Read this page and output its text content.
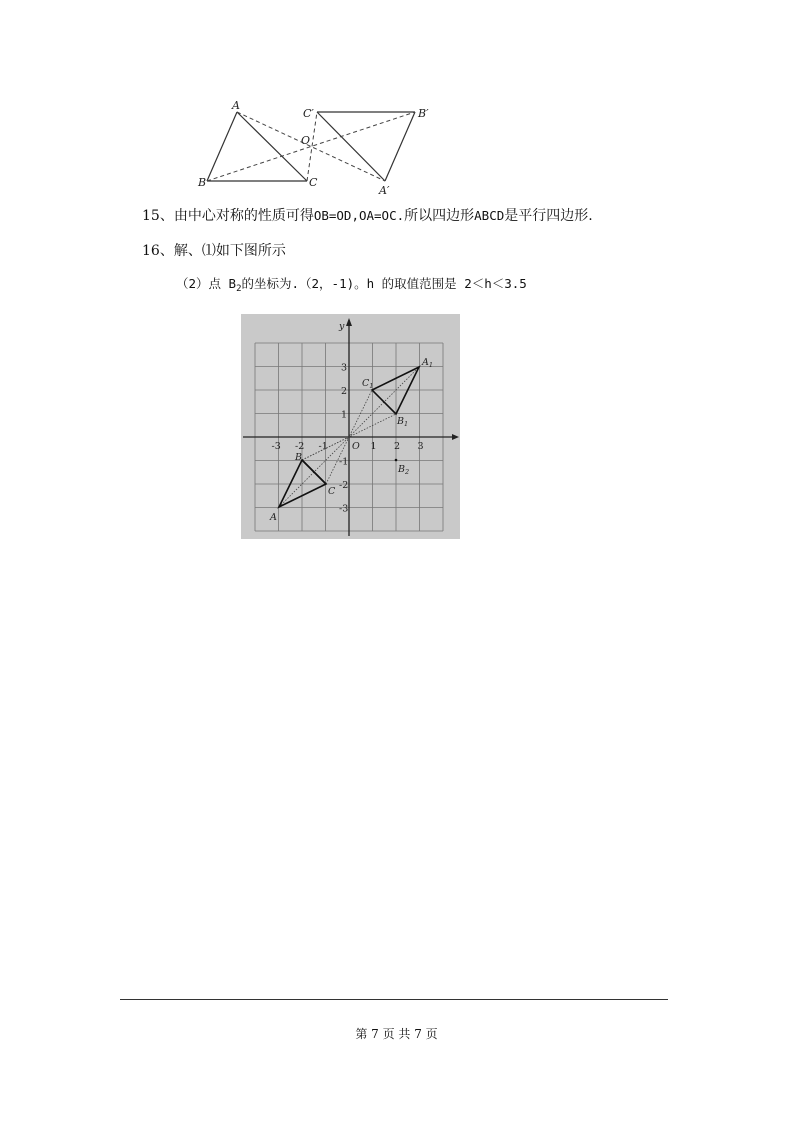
A
B	C
O
C′	B′
A′
15、由中心对称的性质可得OB=OD,OA=OC.所以四边形ABCD是平行四边形.
16、解、⑴如下图所示
（2）点 $B_2$的坐标为.（2，-1)。h 的取值范围是 2＜h＜3.5
y
O
-3 -2 -1	1 2 3
3
2
1
-1
-2
-3
A
B
C
$A_1$
$B_1$
$C_1$
$B_2$
第 7 页 共 7 页
